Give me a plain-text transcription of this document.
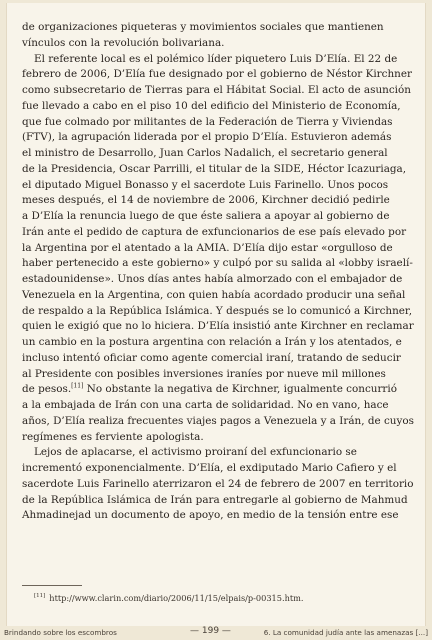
de organizaciones piqueteras y movimientos sociales que mantienen
vínculos con la revolución bolivariana.
El referente local es el polémico líder piquetero Luis D’Elía. El 22 de
febrero de 2006, D’Elía fue designado por el gobierno de Néstor Kirchner
como subsecretario de Tierras para el Hábitat Social. El acto de asunción
fue llevado a cabo en el piso 10 del edificio del Ministerio de Economía,
que fue colmado por militantes de la Federación de Tierra y Viviendas
(FTV), la agrupación liderada por el propio D’Elía. Estuvieron además
el ministro de Desarrollo, Juan Carlos Nadalich, el secretario general
de la Presidencia, Oscar Parrilli, el titular de la SIDE, Héctor Icazuriaga,
el diputado Miguel Bonasso y el sacerdote Luis Farinello. Unos pocos
meses después, el 14 de noviembre de 2006, Kirchner decidió pedirle
a D’Elía la renuncia luego de que éste saliera a apoyar al gobierno de
Irán ante el pedido de captura de exfuncionarios de ese país elevado por
la Argentina por el atentado a la AMIA. D’Elía dijo estar «orgulloso de
haber pertenecido a este gobierno» y culpó por su salida al «lobby israelí-
estadounidense». Unos días antes había almorzado con el embajador de
Venezuela en la Argentina, con quien había acordado producir una señal
de respaldo a la República Islámica. Y después se lo comunicó a Kirchner,
quien le exigió que no lo hiciera. D’Elía insistió ante Kirchner en reclamar
un cambio en la postura argentina con relación a Irán y los atentados, e
incluso intentó oficiar como agente comercial iraní, tratando de seducir
al Presidente con posibles inversiones iraníes por nueve mil millones
de pesos.[11] No obstante la negativa de Kirchner, igualmente concurrió
a la embajada de Irán con una carta de solidaridad. No en vano, hace
años, D’Elía realiza frecuentes viajes pagos a Venezuela y a Irán, de cuyos
regímenes es ferviente apologista.
Lejos de aplacarse, el activismo proiraní del exfuncionario se
incrementó exponencialmente. D’Elía, el exdiputado Mario Cafiero y el
sacerdote Luis Farinello aterrizaron el 24 de febrero de 2007 en territorio
de la República Islámica de Irán para entregarle al gobierno de Mahmud
Ahmadinejad un documento de apoyo, en medio de la tensión entre ese
[11] http://www.clarin.com/diario/2006/11/15/elpais/p-00315.htm.
Brindando sobre los escombros	— 199 —	6. La comunidad judía ante las amenazas [...]
